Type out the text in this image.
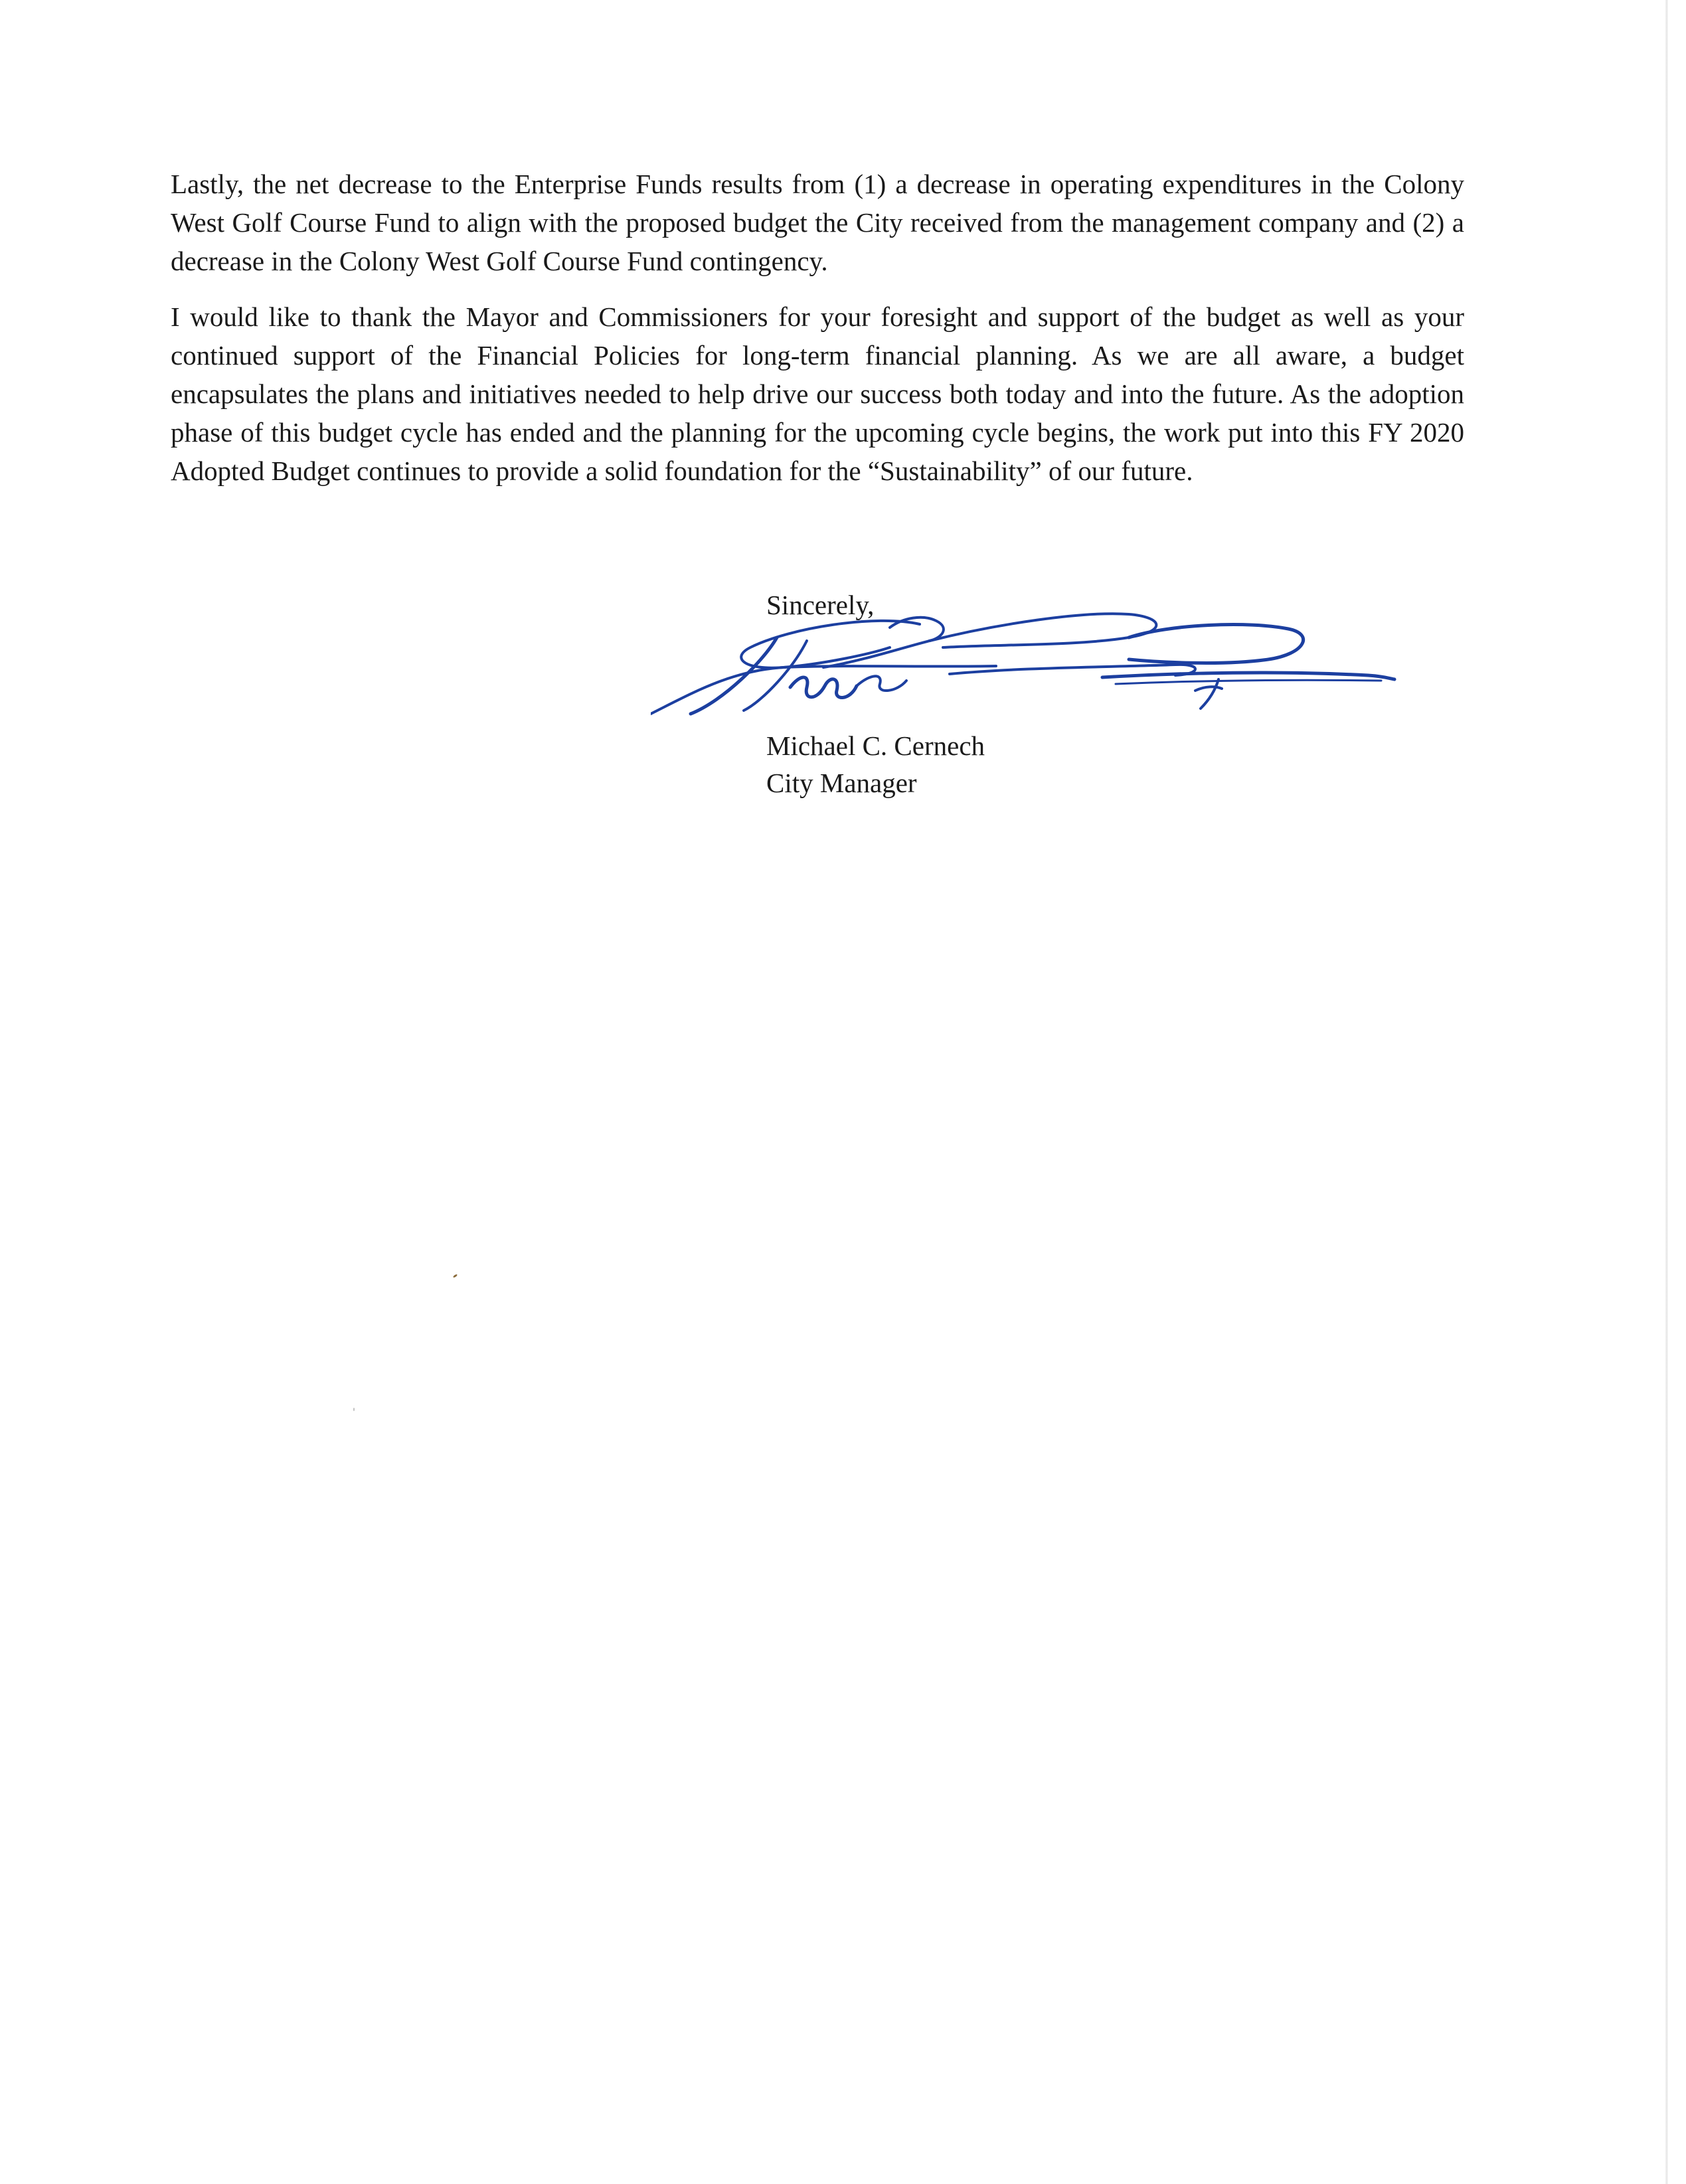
Lastly, the net decrease to the Enterprise Funds results from (1) a decrease in operating expenditures in the Colony West Golf Course Fund to align with the proposed budget the City received from the management company and (2) a decrease in the Colony West Golf Course Fund contingency.

I would like to thank the Mayor and Commissioners for your foresight and support of the budget as well as your continued support of the Financial Policies for long-term financial planning. As we are all aware, a budget encapsulates the plans and initiatives needed to help drive our success both today and into the future. As the adoption phase of this budget cycle has ended and the planning for the upcoming cycle begins, the work put into this FY 2020 Adopted Budget continues to provide a solid foundation for the “Sustainability” of our future.

Sincerely,
Michael C. Cernech
City Manager
